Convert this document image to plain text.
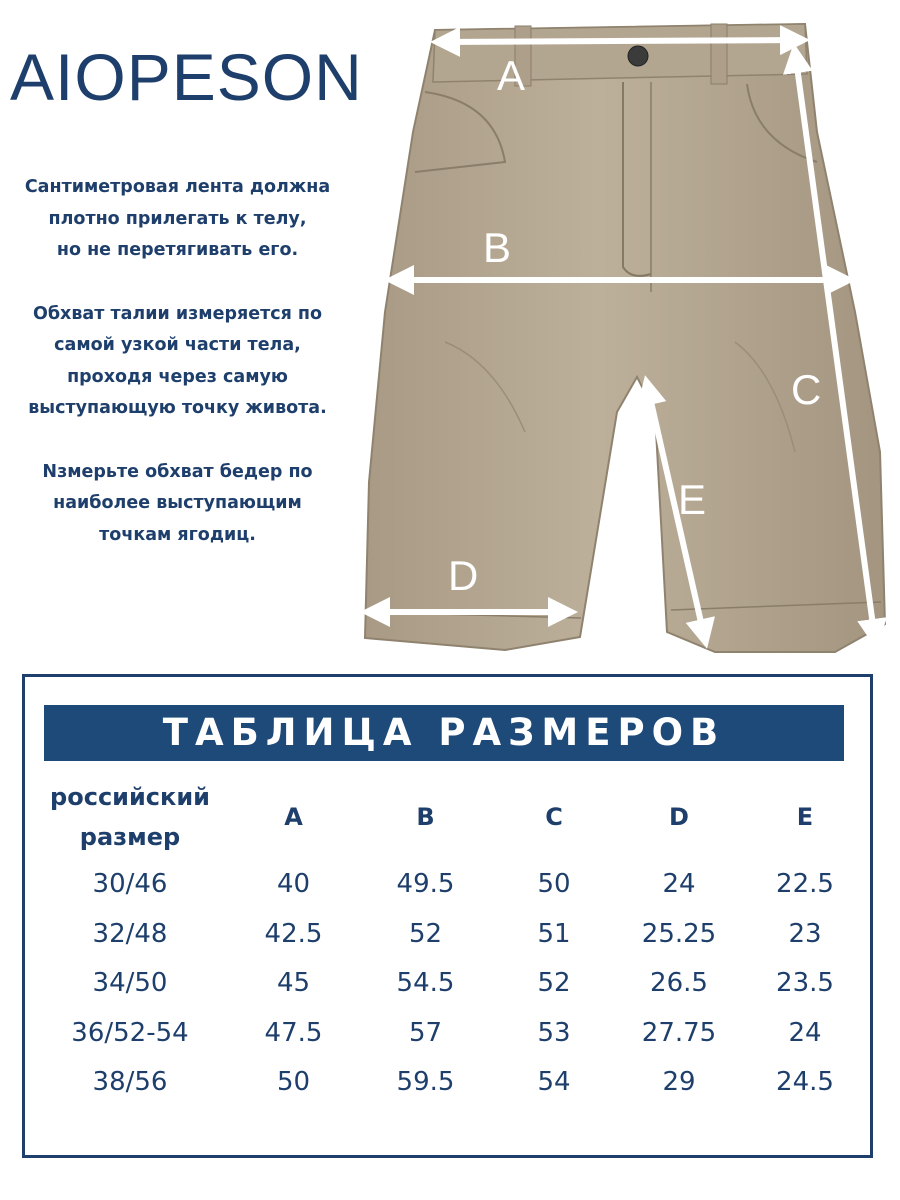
AIOPESON

Сантиметровая лента должна
плотно прилегать к телу,
но не перетягивать его.

Обхват талии измеряется по
самой узкой части тела,
проходя через самую
выступающую точку живота.

Nзмерьте обхват бедер по
наиболее выступающим
точкам ягодиц.

A
B
C
D
E
ТАБЛИЦА РАЗМЕРОВ
российский
размер	A	B	C	D	E
30/46	40	49.5	50	24	22.5
32/48	42.5	52	51	25.25	23
34/50	45	54.5	52	26.5	23.5
36/52-54	47.5	57	53	27.75	24
38/56	50	59.5	54	29	24.5
